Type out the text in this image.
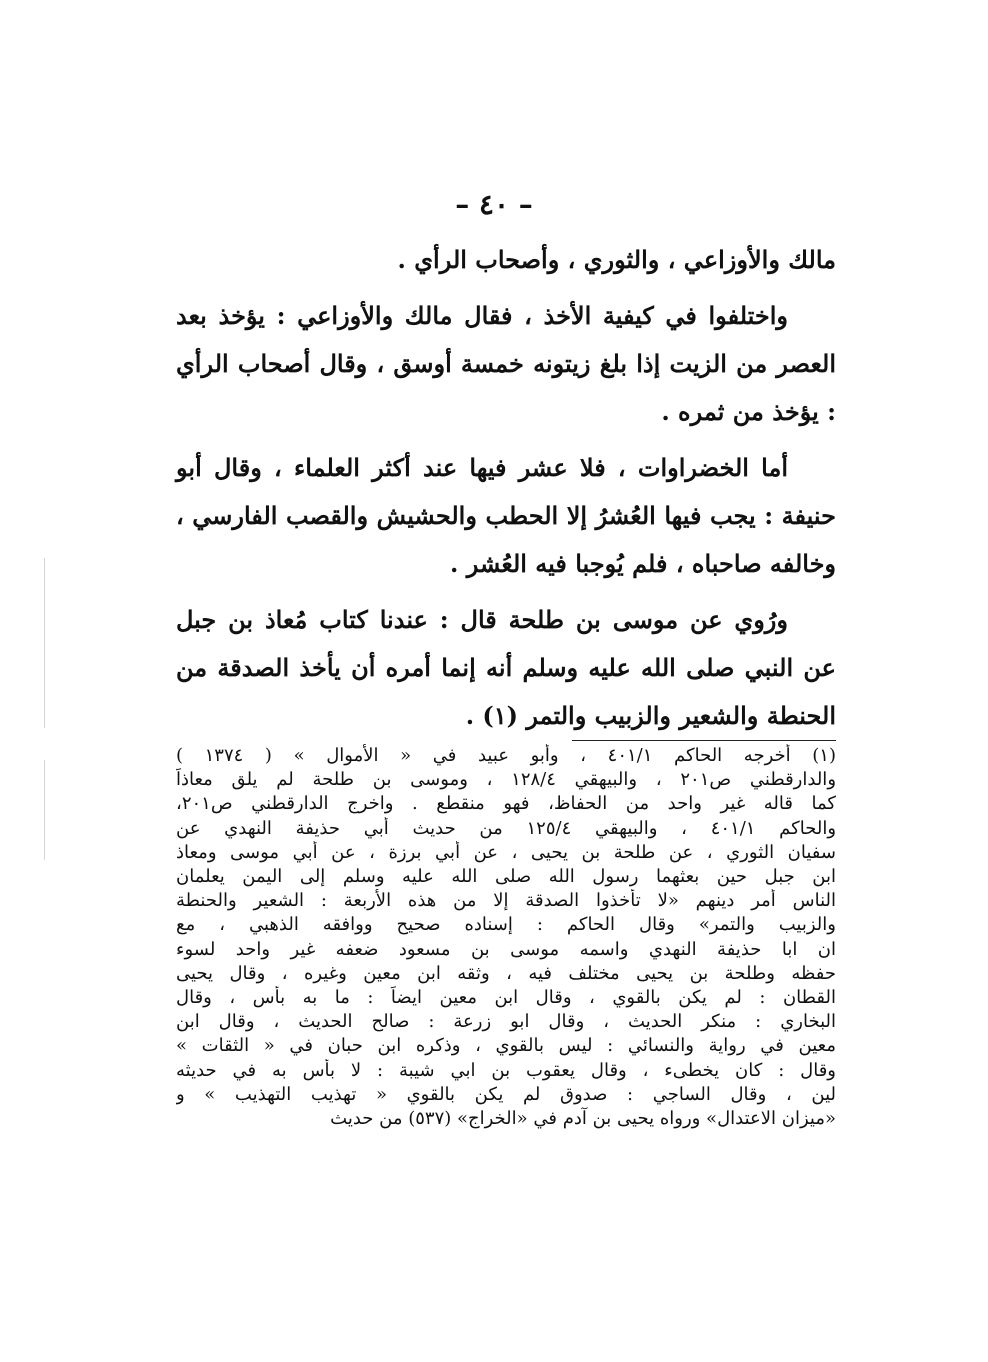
– ٤٠ –

مالك والأوزاعي ، والثوري ، وأصحاب الرأي .

واختلفوا في كيفية الأخذ ، فقال مالك والأوزاعي : يؤخذ بعد العصر من الزيت إذا بلغ زيتونه خمسة أوسق ، وقال أصحاب الرأي : يؤخذ من ثمره .

أما الخضراوات ، فلا عشر فيها عند أكثر العلماء ، وقال أبو حنيفة : يجب فيها العُشرُ إلا الحطب والحشيش والقصب الفارسي ، وخالفه صاحباه ، فلم يُوجبا فيه العُشر .

ورُوي عن موسى بن طلحة قال : عندنا كتاب مُعاذ بن جبل عن النبي صلى الله عليه وسلم أنه إنما أمره أن يأخذ الصدقة من الحنطة والشعير والزبيب والتمر (١) .

(١) أخرجه الحاكم ٤٠١/١ ، وأبو عبيد في « الأموال » ( ١٣٧٤ )
والدارقطني ص٢٠١ ، والبيهقي ١٢٨/٤ ، وموسى بن طلحة لم يلق معاذاً
كما قاله غير واحد من الحفاظ، فهو منقطع . واخرج الدارقطني ص٢٠١،
والحاكم ٤٠١/١ ، والبيهقي ١٢٥/٤ من حديث أبي حذيفة النهدي عن
سفيان الثوري ، عن طلحة بن يحيى ، عن أبي برزة ، عن أبي موسى ومعاذ
ابن جبل حين بعثهما رسول الله صلى الله عليه وسلم إلى اليمن يعلمان
الناس أمر دينهم «لا تأخذوا الصدقة إلا من هذه الأربعة : الشعير والحنطة
والزبيب والتمر» وقال الحاكم : إسناده صحيح ووافقه الذهبي ، مع
ان ابا حذيفة النهدي واسمه موسى بن مسعود ضعفه غير واحد لسوء
حفظه وطلحة بن يحيى مختلف فيه ، وثقه ابن معين وغيره ، وقال يحيى
القطان : لم يكن بالقوي ، وقال ابن معين ايضاً : ما به بأس ، وقال
البخاري : منكر الحديث ، وقال ابو زرعة : صالح الحديث ، وقال ابن
معين في رواية والنسائي : ليس بالقوي ، وذكره ابن حبان في « الثقات »
وقال : كان يخطىء ، وقال يعقوب بن ابي شيبة : لا بأس به في حديثه
لين ، وقال الساجي : صدوق لم يكن بالقوي « تهذيب التهذيب » و
«ميزان الاعتدال» ورواه يحيى بن آدم في «الخراج» (٥٣٧) من حديث
